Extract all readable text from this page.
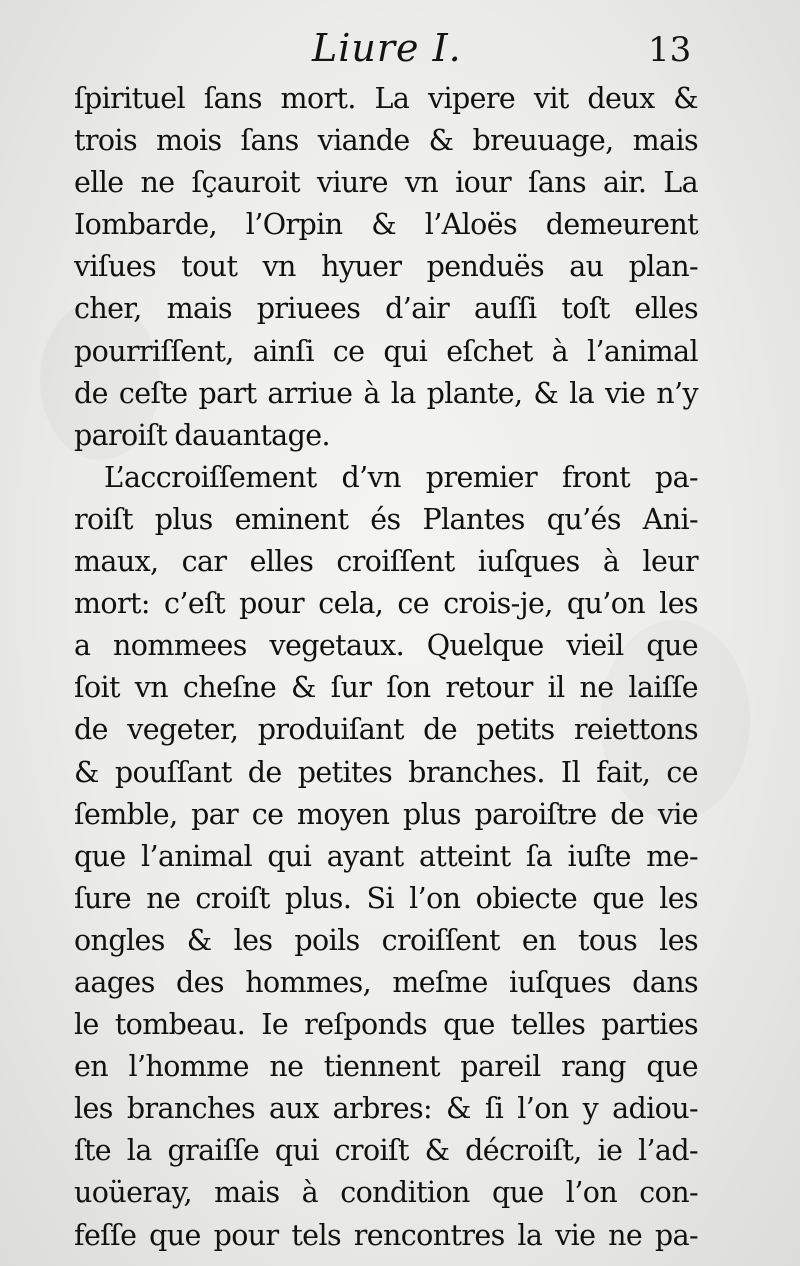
Liure I.	13
ſpirituel ſans mort. La vipere vit deux &
trois mois ſans viande & breuuage, mais
elle ne ſçauroit viure vn iour ſans air. La
Iombarde, l’Orpin & l’Aloës demeurent
viſues tout vn hyuer penduës au plan-
cher, mais priuees d’air auſſi toſt elles
pourriſſent, ainſi ce qui eſchet à l’animal
de ceſte part arriue à la plante, & la vie n’y
paroiſt dauantage.
L’accroiſſement d’vn premier front pa-
roiſt plus eminent és Plantes qu’és Ani-
maux, car elles croiſſent iuſques à leur
mort: c’eſt pour cela, ce crois-je, qu’on les
a nommees vegetaux. Quelque vieil que
ſoit vn cheſne & ſur ſon retour il ne laiſſe
de vegeter, produiſant de petits reiettons
& pouſſant de petites branches. Il fait, ce
ſemble, par ce moyen plus paroiſtre de vie
que l’animal qui ayant atteint ſa iuſte me-
ſure ne croiſt plus. Si l’on obiecte que les
ongles & les poils croiſſent en tous les
aages des hommes, meſme iuſques dans
le tombeau. Ie reſponds que telles parties
en l’homme ne tiennent pareil rang que
les branches aux arbres: & ſi l’on y adiou-
ſte la graiſſe qui croiſt & décroiſt, ie l’ad-
uoüeray, mais à condition que l’on con-
feſſe que pour tels rencontres la vie ne pa-
